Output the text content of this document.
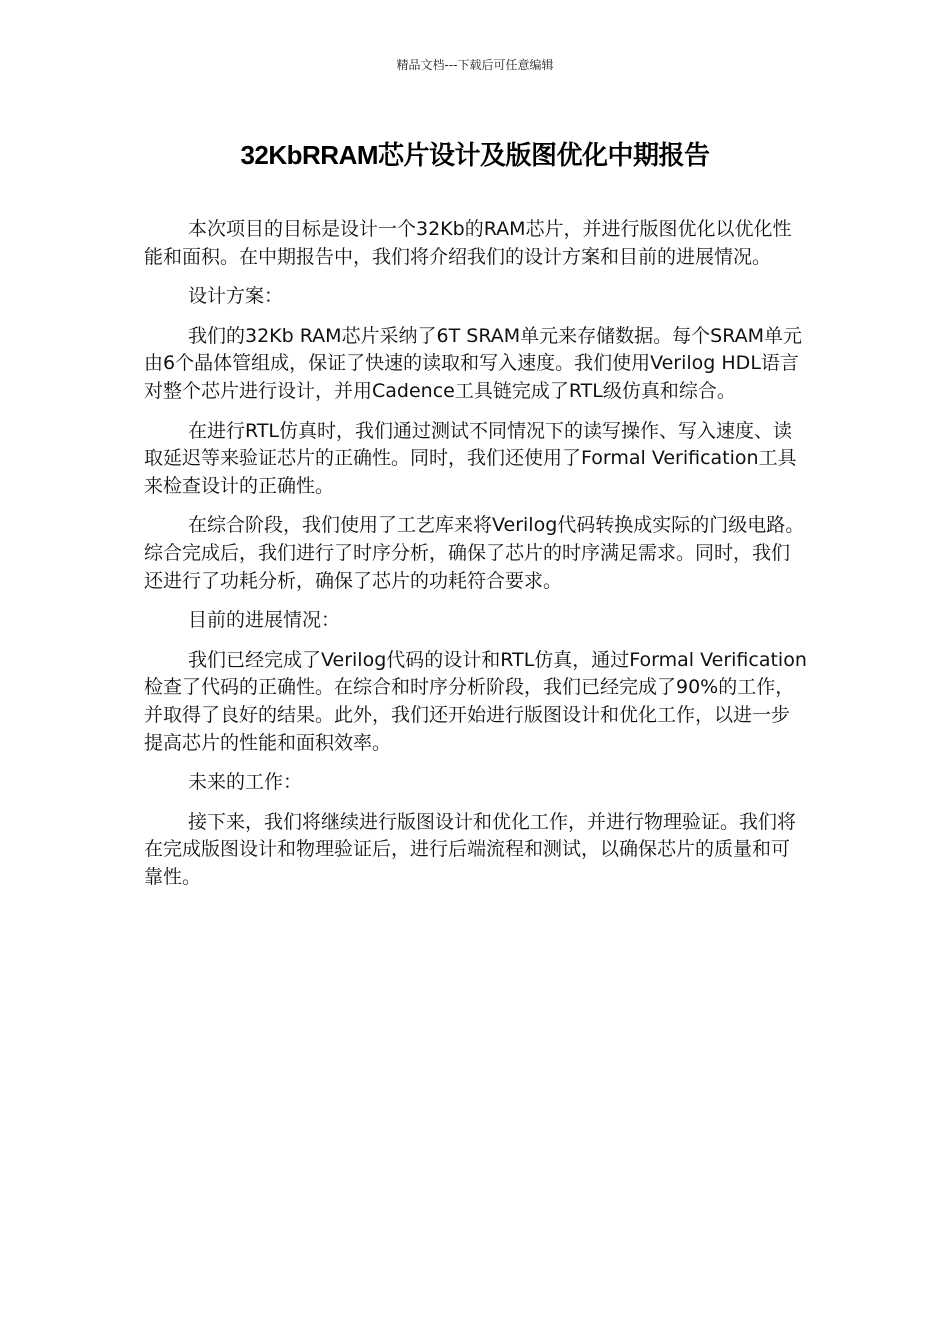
精品文档---下载后可任意编辑
32KbRRAM芯片设计及版图优化中期报告

本次项目的目标是设计一个32Kb的RAM芯片，并进行版图优化以优化性能和面积。在中期报告中，我们将介绍我们的设计方案和目前的进展情况。

设计方案：

我们的32Kb RAM芯片采纳了6T SRAM单元来存储数据。每个SRAM单元由6个晶体管组成，保证了快速的读取和写入速度。我们使用Verilog HDL语言对整个芯片进行设计，并用Cadence工具链完成了RTL级仿真和综合。

在进行RTL仿真时，我们通过测试不同情况下的读写操作、写入速度、读取延迟等来验证芯片的正确性。同时，我们还使用了Formal Verification工具来检查设计的正确性。

在综合阶段，我们使用了工艺库来将Verilog代码转换成实际的门级电路。综合完成后，我们进行了时序分析，确保了芯片的时序满足需求。同时，我们还进行了功耗分析，确保了芯片的功耗符合要求。

目前的进展情况：

我们已经完成了Verilog代码的设计和RTL仿真，通过Formal Verification检查了代码的正确性。在综合和时序分析阶段，我们已经完成了90%的工作，并取得了良好的结果。此外，我们还开始进行版图设计和优化工作，以进一步提高芯片的性能和面积效率。

未来的工作：

接下来，我们将继续进行版图设计和优化工作，并进行物理验证。我们将在完成版图设计和物理验证后，进行后端流程和测试，以确保芯片的质量和可靠性。
